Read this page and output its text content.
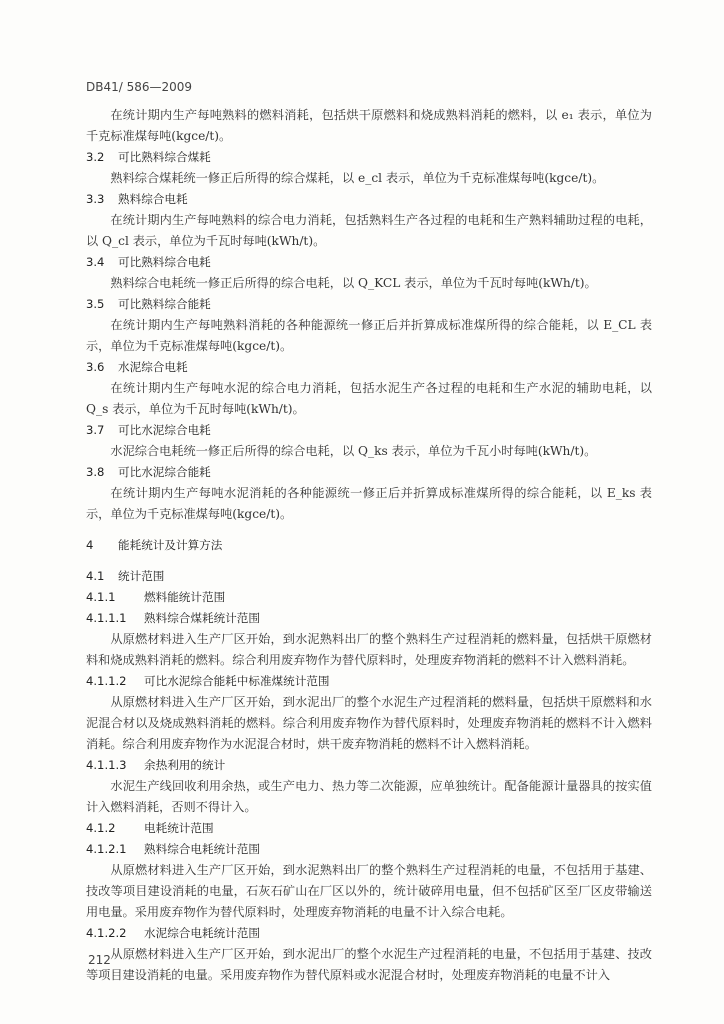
DB41/ 586—2009

在统计期内生产每吨熟料的燃料消耗，包括烘干原燃料和烧成熟料消耗的燃料，以 e₁ 表示，单位为千克标准煤每吨(kgce/t)。

3.2 可比熟料综合煤耗

熟料综合煤耗统一修正后所得的综合煤耗，以 e_cl 表示，单位为千克标准煤每吨(kgce/t)。

3.3 熟料综合电耗

在统计期内生产每吨熟料的综合电力消耗，包括熟料生产各过程的电耗和生产熟料辅助过程的电耗，以 Q_cl 表示，单位为千瓦时每吨(kWh/t)。

3.4 可比熟料综合电耗

熟料综合电耗统一修正后所得的综合电耗，以 Q_KCL 表示，单位为千瓦时每吨(kWh/t)。

3.5 可比熟料综合能耗

在统计期内生产每吨熟料消耗的各种能源统一修正后并折算成标准煤所得的综合能耗，以 E_CL 表示，单位为千克标准煤每吨(kgce/t)。

3.6 水泥综合电耗

在统计期内生产每吨水泥的综合电力消耗，包括水泥生产各过程的电耗和生产水泥的辅助电耗，以 Q_s 表示，单位为千瓦时每吨(kWh/t)。

3.7 可比水泥综合电耗

水泥综合电耗统一修正后所得的综合电耗，以 Q_ks 表示，单位为千瓦小时每吨(kWh/t)。

3.8 可比水泥综合能耗

在统计期内生产每吨水泥消耗的各种能源统一修正后并折算成标准煤所得的综合能耗，以 E_ks 表示，单位为千克标准煤每吨(kgce/t)。

4 能耗统计及计算方法

4.1 统计范围

4.1.1 燃料能统计范围

4.1.1.1 熟料综合煤耗统计范围

从原燃材料进入生产厂区开始，到水泥熟料出厂的整个熟料生产过程消耗的燃料量，包括烘干原燃材料和烧成熟料消耗的燃料。综合利用废弃物作为替代原料时，处理废弃物消耗的燃料不计入燃料消耗。

4.1.1.2 可比水泥综合能耗中标准煤统计范围

从原燃材料进入生产厂区开始，到水泥出厂的整个水泥生产过程消耗的燃料量，包括烘干原燃料和水泥混合材以及烧成熟料消耗的燃料。综合利用废弃物作为替代原料时，处理废弃物消耗的燃料不计入燃料消耗。综合利用废弃物作为水泥混合材时，烘干废弃物消耗的燃料不计入燃料消耗。

4.1.1.3 余热利用的统计

水泥生产线回收利用余热，或生产电力、热力等二次能源，应单独统计。配备能源计量器具的按实值计入燃料消耗，否则不得计入。

4.1.2 电耗统计范围

4.1.2.1 熟料综合电耗统计范围

从原燃材料进入生产厂区开始，到水泥熟料出厂的整个熟料生产过程消耗的电量，不包括用于基建、技改等项目建设消耗的电量，石灰石矿山在厂区以外的，统计破碎用电量，但不包括矿区至厂区皮带输送用电量。采用废弃物作为替代原料时，处理废弃物消耗的电量不计入综合电耗。

4.1.2.2 水泥综合电耗统计范围

从原燃材料进入生产厂区开始，到水泥出厂的整个水泥生产过程消耗的电量，不包括用于基建、技改等项目建设消耗的电量。采用废弃物作为替代原料或水泥混合材时，处理废弃物消耗的电量不计入

212
